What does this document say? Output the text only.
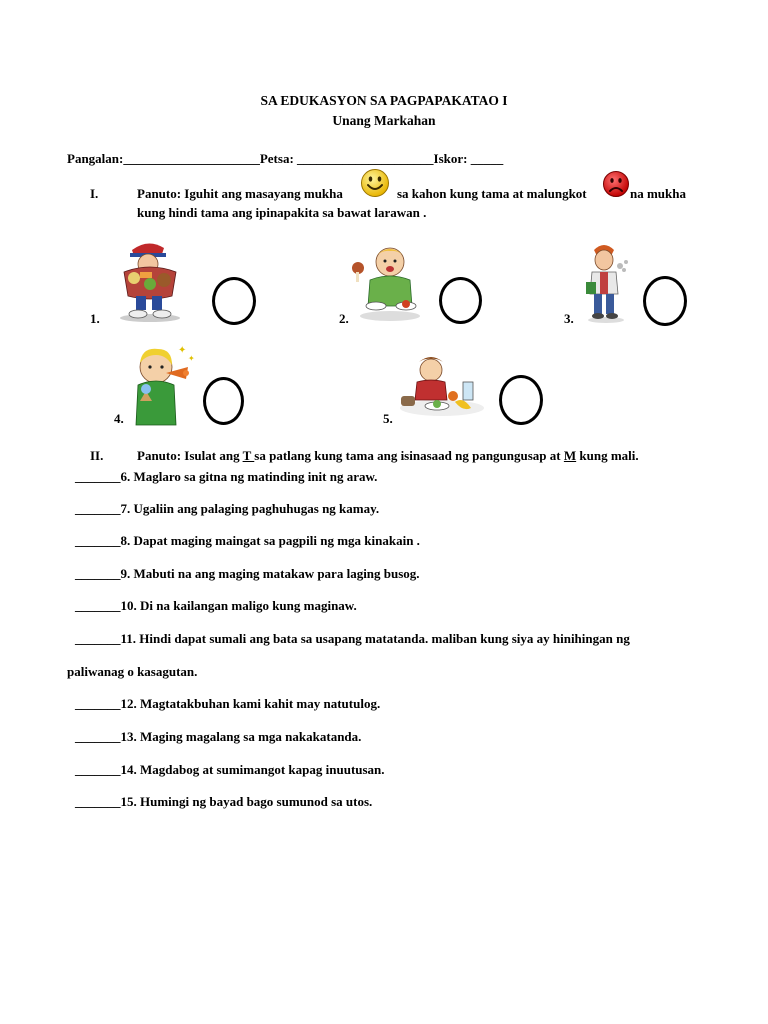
SA EDUKASYON SA PAGPAPAKATAO I
Unang Markahan
Pangalan:_____________________Petsa: _____________________Iskor: _____
I.	Panuto: Iguhit ang masayang mukha	sa kahon kung tama at malungkot	na mukha
kung hindi tama ang ipinapakita sa bawat larawan .
1.	2.	3.
4.
✦
✦
5.
II.	Panuto: Isulat ang T sa patlang kung tama ang isinasaad ng pangungusap at M kung mali.
_______6. Maglaro sa gitna ng matinding init ng araw.
_______7. Ugaliin ang palaging paghuhugas ng kamay.
_______8. Dapat maging maingat sa pagpili ng mga kinakain .
_______9. Mabuti na ang maging matakaw para laging busog.
_______10. Di na kailangan maligo kung maginaw.
_______11. Hindi dapat sumali ang bata sa usapang matatanda. maliban kung siya ay hinihingan ng
paliwanag o kasagutan.
_______12. Magtatakbuhan kami kahit may natutulog.
_______13. Maging magalang sa mga nakakatanda.
_______14. Magdabog at sumimangot kapag inuutusan.
_______15. Humingi ng bayad bago sumunod sa utos.
